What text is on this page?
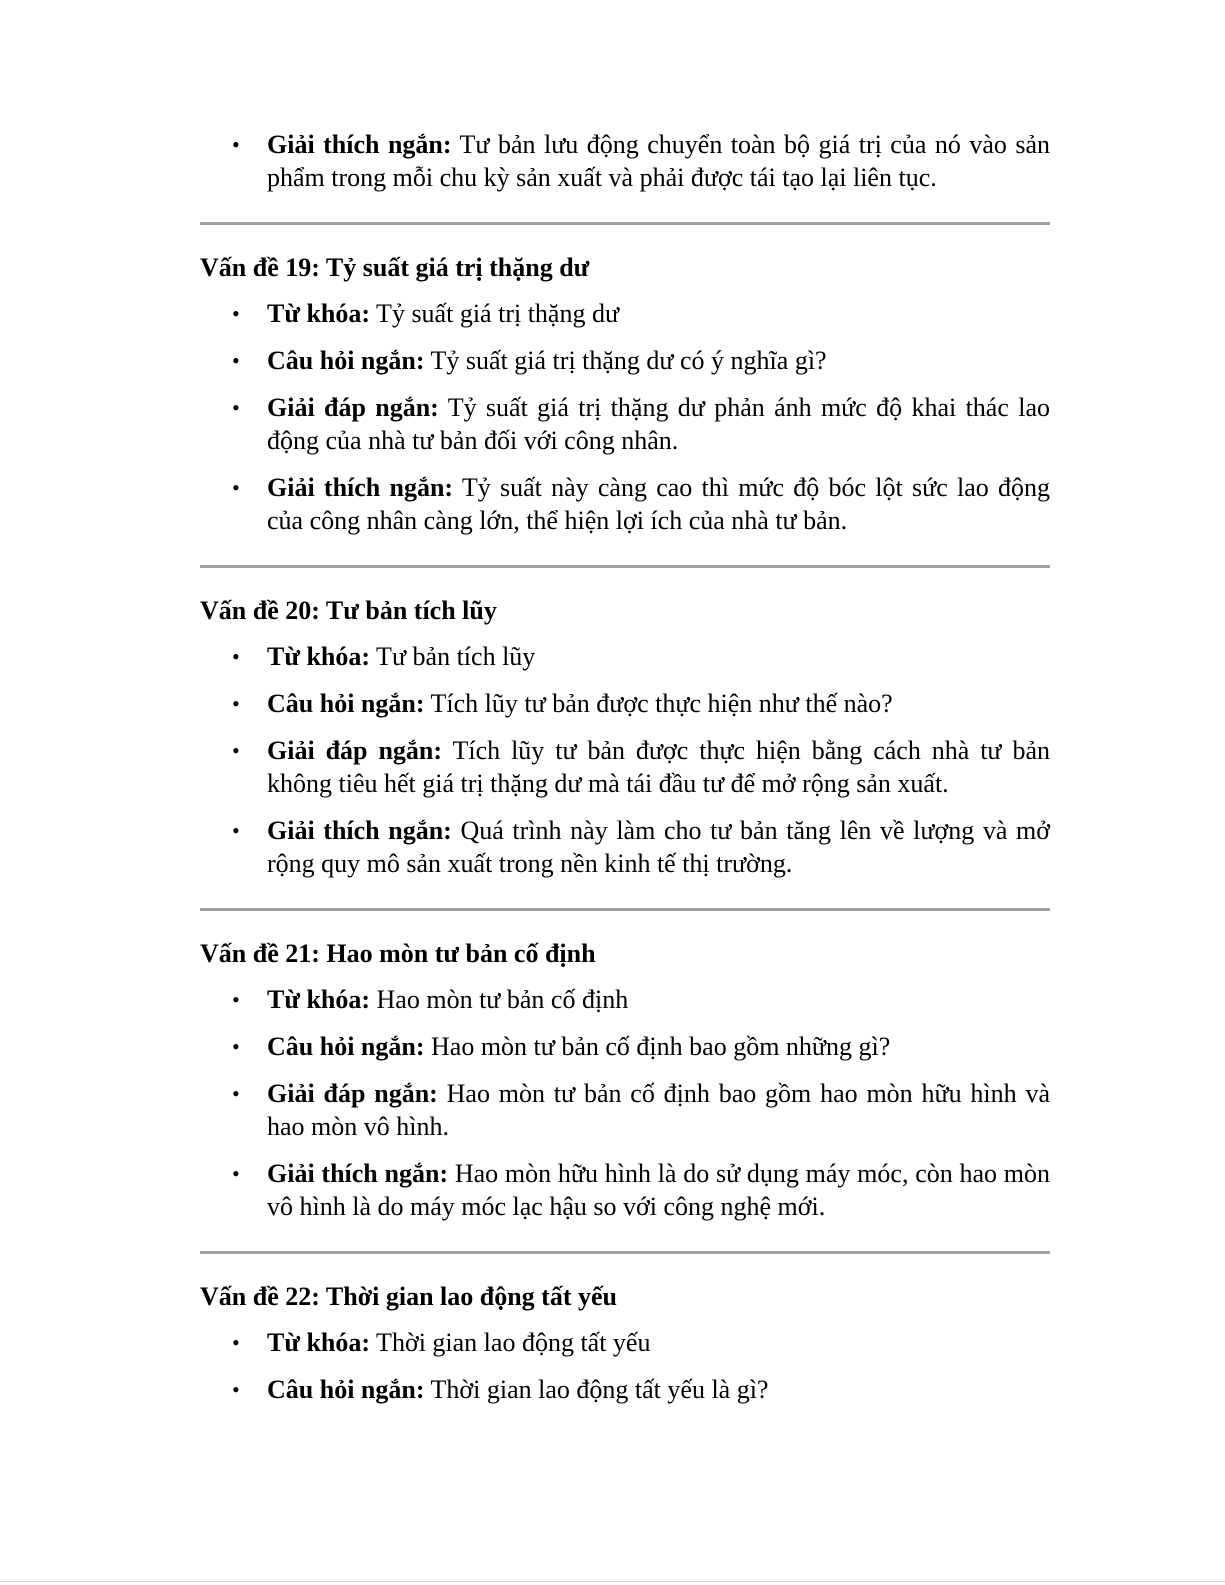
• Giải thích ngắn: Tư bản lưu động chuyển toàn bộ giá trị của nó vào sản phẩm trong mỗi chu kỳ sản xuất và phải được tái tạo lại liên tục.
Vấn đề 19: Tỷ suất giá trị thặng dư
• Từ khóa: Tỷ suất giá trị thặng dư
• Câu hỏi ngắn: Tỷ suất giá trị thặng dư có ý nghĩa gì?
• Giải đáp ngắn: Tỷ suất giá trị thặng dư phản ánh mức độ khai thác lao động của nhà tư bản đối với công nhân.
• Giải thích ngắn: Tỷ suất này càng cao thì mức độ bóc lột sức lao động của công nhân càng lớn, thể hiện lợi ích của nhà tư bản.
Vấn đề 20: Tư bản tích lũy
• Từ khóa: Tư bản tích lũy
• Câu hỏi ngắn: Tích lũy tư bản được thực hiện như thế nào?
• Giải đáp ngắn: Tích lũy tư bản được thực hiện bằng cách nhà tư bản không tiêu hết giá trị thặng dư mà tái đầu tư để mở rộng sản xuất.
• Giải thích ngắn: Quá trình này làm cho tư bản tăng lên về lượng và mở rộng quy mô sản xuất trong nền kinh tế thị trường.
Vấn đề 21: Hao mòn tư bản cố định
• Từ khóa: Hao mòn tư bản cố định
• Câu hỏi ngắn: Hao mòn tư bản cố định bao gồm những gì?
• Giải đáp ngắn: Hao mòn tư bản cố định bao gồm hao mòn hữu hình và hao mòn vô hình.
• Giải thích ngắn: Hao mòn hữu hình là do sử dụng máy móc, còn hao mòn vô hình là do máy móc lạc hậu so với công nghệ mới.
Vấn đề 22: Thời gian lao động tất yếu
• Từ khóa: Thời gian lao động tất yếu
• Câu hỏi ngắn: Thời gian lao động tất yếu là gì?
